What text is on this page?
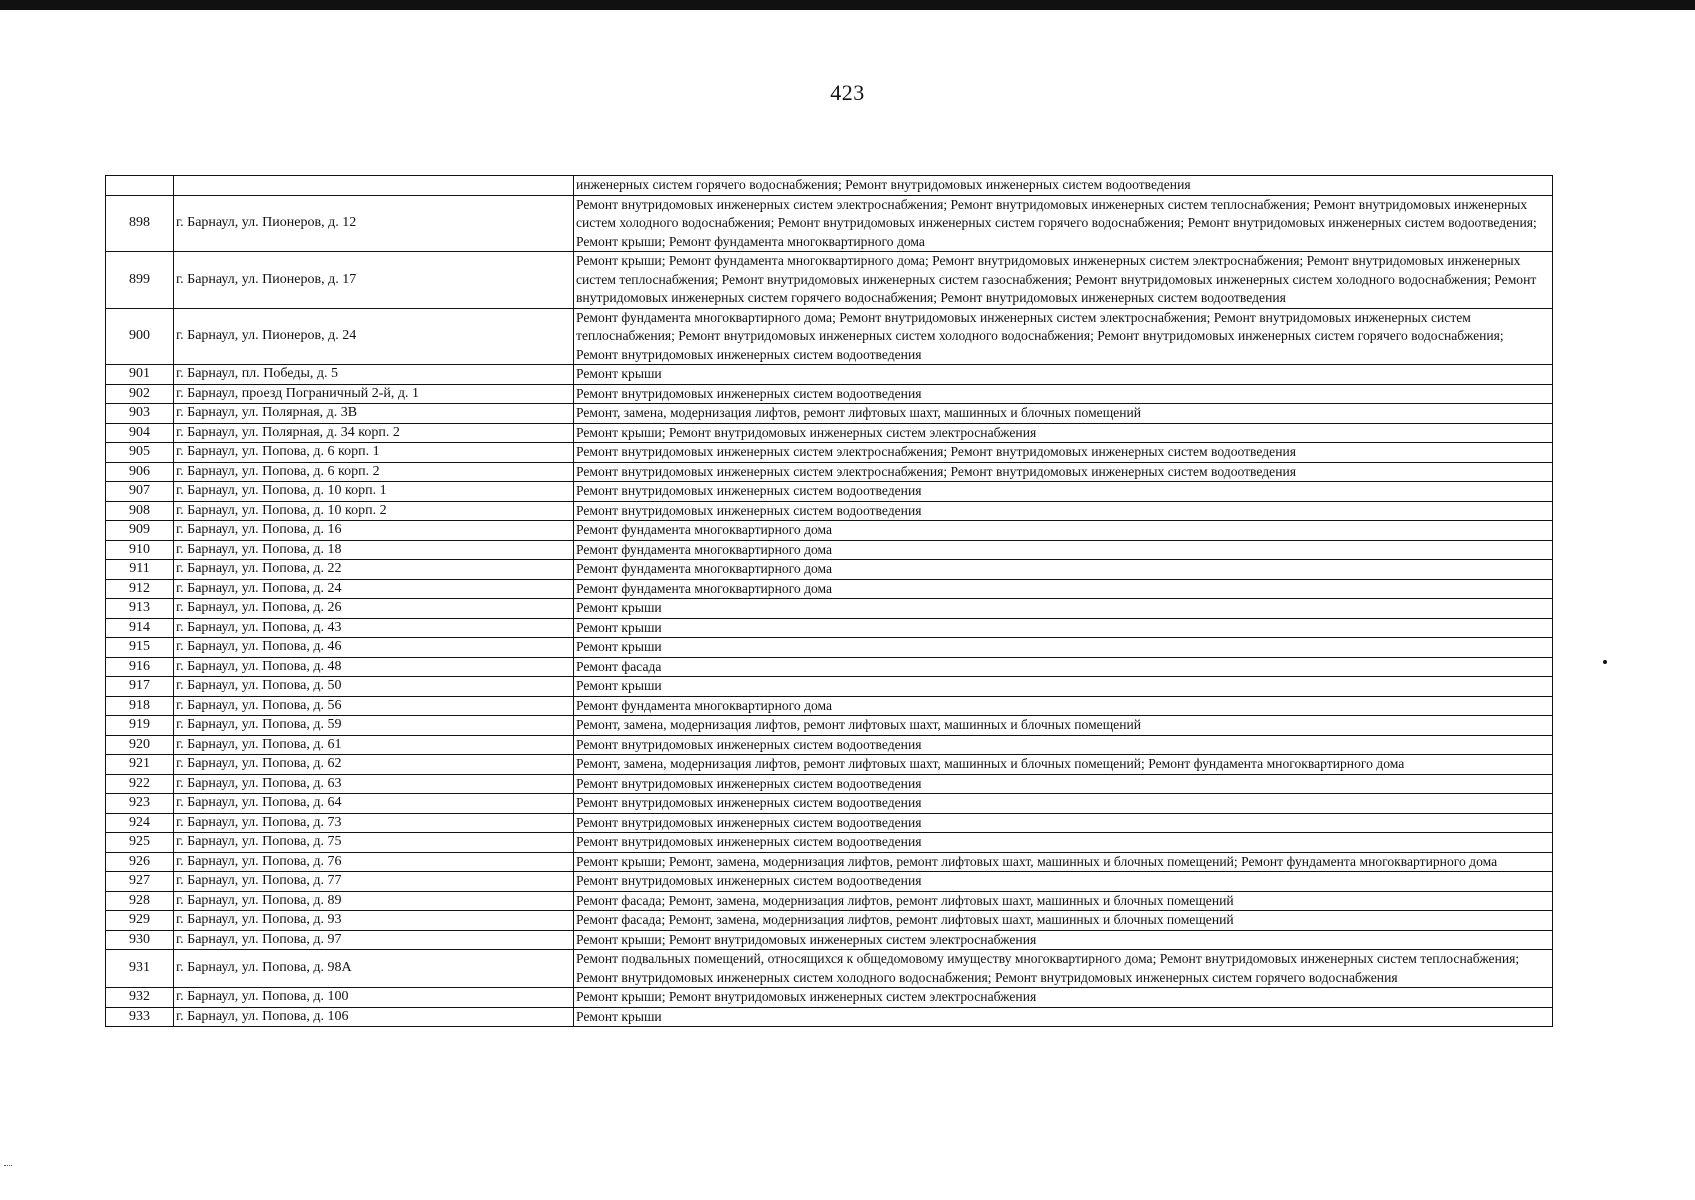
423
		инженерных систем горячего водоснабжения; Ремонт внутридомовых инженерных систем водоотведения
898	г. Барнаул, ул. Пионеров, д. 12	Ремонт внутридомовых инженерных систем электроснабжения; Ремонт внутридомовых инженерных систем теплоснабжения; Ремонт внутридомовых инженерных систем холодного водоснабжения; Ремонт внутридомовых инженерных систем горячего водоснабжения; Ремонт внутридомовых инженерных систем водоотведения; Ремонт крыши; Ремонт фундамента многоквартирного дома
899	г. Барнаул, ул. Пионеров, д. 17	Ремонт крыши; Ремонт фундамента многоквартирного дома; Ремонт внутридомовых инженерных систем электроснабжения; Ремонт внутридомовых инженерных систем теплоснабжения; Ремонт внутридомовых инженерных систем газоснабжения; Ремонт внутридомовых инженерных систем холодного водоснабжения; Ремонт внутридомовых инженерных систем горячего водоснабжения; Ремонт внутридомовых инженерных систем водоотведения
900	г. Барнаул, ул. Пионеров, д. 24	Ремонт фундамента многоквартирного дома; Ремонт внутридомовых инженерных систем электроснабжения; Ремонт внутридомовых инженерных систем теплоснабжения; Ремонт внутридомовых инженерных систем холодного водоснабжения; Ремонт внутридомовых инженерных систем горячего водоснабжения; Ремонт внутридомовых инженерных систем водоотведения
901	г. Барнаул, пл. Победы, д. 5	Ремонт крыши
902	г. Барнаул, проезд Пограничный 2-й, д. 1	Ремонт внутридомовых инженерных систем водоотведения
903	г. Барнаул, ул. Полярная, д. 3В	Ремонт, замена, модернизация лифтов, ремонт лифтовых шахт, машинных и блочных помещений
904	г. Барнаул, ул. Полярная, д. 34 корп. 2	Ремонт крыши; Ремонт внутридомовых инженерных систем электроснабжения
905	г. Барнаул, ул. Попова, д. 6 корп. 1	Ремонт внутридомовых инженерных систем электроснабжения; Ремонт внутридомовых инженерных систем водоотведения
906	г. Барнаул, ул. Попова, д. 6 корп. 2	Ремонт внутридомовых инженерных систем электроснабжения; Ремонт внутридомовых инженерных систем водоотведения
907	г. Барнаул, ул. Попова, д. 10 корп. 1	Ремонт внутридомовых инженерных систем водоотведения
908	г. Барнаул, ул. Попова, д. 10 корп. 2	Ремонт внутридомовых инженерных систем водоотведения
909	г. Барнаул, ул. Попова, д. 16	Ремонт фундамента многоквартирного дома
910	г. Барнаул, ул. Попова, д. 18	Ремонт фундамента многоквартирного дома
911	г. Барнаул, ул. Попова, д. 22	Ремонт фундамента многоквартирного дома
912	г. Барнаул, ул. Попова, д. 24	Ремонт фундамента многоквартирного дома
913	г. Барнаул, ул. Попова, д. 26	Ремонт крыши
914	г. Барнаул, ул. Попова, д. 43	Ремонт крыши
915	г. Барнаул, ул. Попова, д. 46	Ремонт крыши
916	г. Барнаул, ул. Попова, д. 48	Ремонт фасада
917	г. Барнаул, ул. Попова, д. 50	Ремонт крыши
918	г. Барнаул, ул. Попова, д. 56	Ремонт фундамента многоквартирного дома
919	г. Барнаул, ул. Попова, д. 59	Ремонт, замена, модернизация лифтов, ремонт лифтовых шахт, машинных и блочных помещений
920	г. Барнаул, ул. Попова, д. 61	Ремонт внутридомовых инженерных систем водоотведения
921	г. Барнаул, ул. Попова, д. 62	Ремонт, замена, модернизация лифтов, ремонт лифтовых шахт, машинных и блочных помещений; Ремонт фундамента многоквартирного дома
922	г. Барнаул, ул. Попова, д. 63	Ремонт внутридомовых инженерных систем водоотведения
923	г. Барнаул, ул. Попова, д. 64	Ремонт внутридомовых инженерных систем водоотведения
924	г. Барнаул, ул. Попова, д. 73	Ремонт внутридомовых инженерных систем водоотведения
925	г. Барнаул, ул. Попова, д. 75	Ремонт внутридомовых инженерных систем водоотведения
926	г. Барнаул, ул. Попова, д. 76	Ремонт крыши; Ремонт, замена, модернизация лифтов, ремонт лифтовых шахт, машинных и блочных помещений; Ремонт фундамента многоквартирного дома
927	г. Барнаул, ул. Попова, д. 77	Ремонт внутридомовых инженерных систем водоотведения
928	г. Барнаул, ул. Попова, д. 89	Ремонт фасада; Ремонт, замена, модернизация лифтов, ремонт лифтовых шахт, машинных и блочных помещений
929	г. Барнаул, ул. Попова, д. 93	Ремонт фасада; Ремонт, замена, модернизация лифтов, ремонт лифтовых шахт, машинных и блочных помещений
930	г. Барнаул, ул. Попова, д. 97	Ремонт крыши; Ремонт внутридомовых инженерных систем электроснабжения
931	г. Барнаул, ул. Попова, д. 98А	Ремонт подвальных помещений, относящихся к общедомовому имуществу многоквартирного дома; Ремонт внутридомовых инженерных систем теплоснабжения; Ремонт внутридомовых инженерных систем холодного водоснабжения; Ремонт внутридомовых инженерных систем горячего водоснабжения
932	г. Барнаул, ул. Попова, д. 100	Ремонт крыши; Ремонт внутридомовых инженерных систем электроснабжения
933	г. Барнаул, ул. Попова, д. 106	Ремонт крыши
